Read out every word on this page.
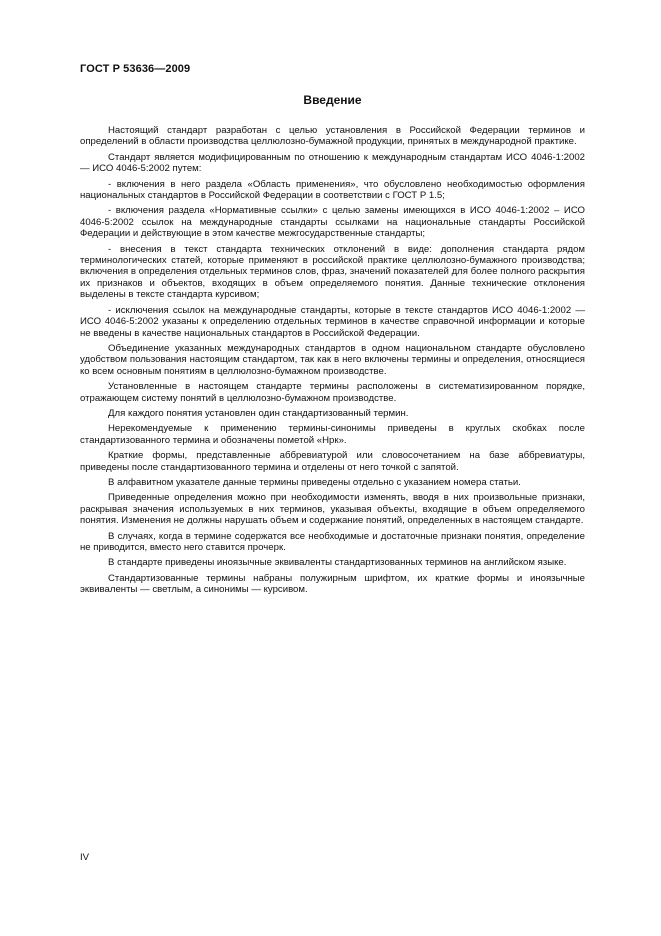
ГОСТ Р 53636—2009
Введение

Настоящий стандарт разработан с целью установления в Российской Федерации терминов и определений в области производства целлюлозно-бумажной продукции, принятых в международной практике.

Стандарт является модифицированным по отношению к международным стандартам ИСО 4046-1:2002 — ИСО 4046-5:2002 путем:

- включения в него раздела «Область применения», что обусловлено необходимостью оформления национальных стандартов в Российской Федерации в соответствии с ГОСТ Р 1.5;

- включения раздела «Нормативные ссылки» с целью замены имеющихся в ИСО 4046-1:2002 – ИСО 4046-5:2002 ссылок на международные стандарты ссылками на национальные стандарты Российской Федерации и действующие в этом качестве межгосударственные стандарты;

- внесения в текст стандарта технических отклонений в виде: дополнения стандарта рядом терминологических статей, которые применяют в российской практике целлюлозно-бумажного производства; включения в определения отдельных терминов слов, фраз, значений показателей для более полного раскрытия их признаков и объектов, входящих в объем определяемого понятия. Данные технические отклонения выделены в тексте стандарта курсивом;

- исключения ссылок на международные стандарты, которые в тексте стандартов ИСО 4046-1:2002 — ИСО 4046-5:2002 указаны к определению отдельных терминов в качестве справочной информации и которые не введены в качестве национальных стандартов в Российской Федерации.

Объединение указанных международных стандартов в одном национальном стандарте обусловлено удобством пользования настоящим стандартом, так как в него включены термины и определения, относящиеся ко всем основным понятиям в целлюлозно-бумажном производстве.

Установленные в настоящем стандарте термины расположены в систематизированном порядке, отражающем систему понятий в целлюлозно-бумажном производстве.

Для каждого понятия установлен один стандартизованный термин.

Нерекомендуемые к применению термины-синонимы приведены в круглых скобках после стандартизованного термина и обозначены пометой «Нрк».

Краткие формы, представленные аббревиатурой или словосочетанием на базе аббревиатуры, приведены после стандартизованного термина и отделены от него точкой с запятой.

В алфавитном указателе данные термины приведены отдельно с указанием номера статьи.

Приведенные определения можно при необходимости изменять, вводя в них произвольные признаки, раскрывая значения используемых в них терминов, указывая объекты, входящие в объем определяемого понятия. Изменения не должны нарушать объем и содержание понятий, определенных в настоящем стандарте.

В случаях, когда в термине содержатся все необходимые и достаточные признаки понятия, определение не приводится, вместо него ставится прочерк.

В стандарте приведены иноязычные эквиваленты стандартизованных терминов на английском языке.

Стандартизованные термины набраны полужирным шрифтом, их краткие формы и иноязычные эквиваленты — светлым, а синонимы — курсивом.

IV
